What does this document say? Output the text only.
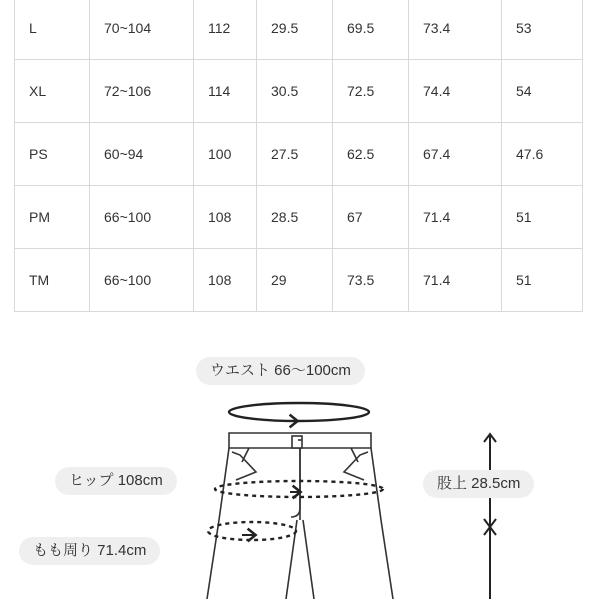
L	70~104	112	29.5	69.5	73.4	53
XL	72~106	114	30.5	72.5	74.4	54
PS	60~94	100	27.5	62.5	67.4	47.6
PM	66~100	108	28.5	67	71.4	51
TM	66~100	108	29	73.5	71.4	51
ウエスト 66〜100cm
ヒップ 108cm
もも周り 71.4cm
股上 28.5cm
